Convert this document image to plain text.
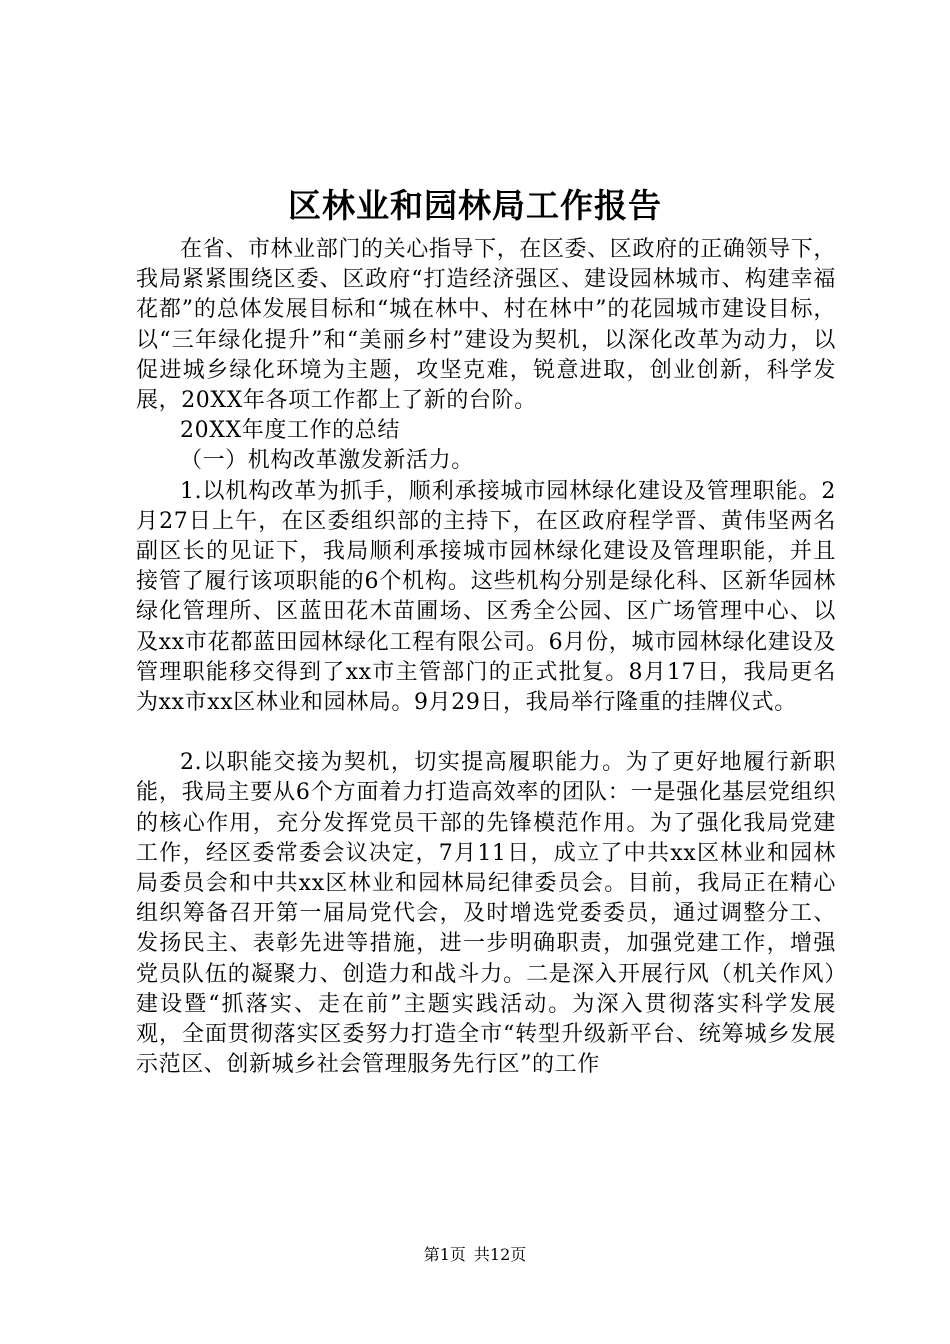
区林业和园林局工作报告

在省、市林业部门的关心指导下，在区委、区政府的正确领导下，我局紧紧围绕区委、区政府“打造经济强区、建设园林城市、构建幸福花都”的总体发展目标和“城在林中、村在林中”的花园城市建设目标，以“三年绿化提升”和“美丽乡村”建设为契机，以深化改革为动力，以促进城乡绿化环境为主题，攻坚克难，锐意进取，创业创新，科学发展，20XX年各项工作都上了新的台阶。

20XX年度工作的总结

（一）机构改革激发新活力。

1.以机构改革为抓手，顺利承接城市园林绿化建设及管理职能。2月27日上午，在区委组织部的主持下，在区政府程学晋、黄伟坚两名副区长的见证下，我局顺利承接城市园林绿化建设及管理职能，并且接管了履行该项职能的6个机构。这些机构分别是绿化科、区新华园林绿化管理所、区蓝田花木苗圃场、区秀全公园、区广场管理中心、以及xx市花都蓝田园林绿化工程有限公司。6月份，城市园林绿化建设及管理职能移交得到了xx市主管部门的正式批复。8月17日，我局更名为xx市xx区林业和园林局。9月29日，我局举行隆重的挂牌仪式。

2.以职能交接为契机，切实提高履职能力。为了更好地履行新职能，我局主要从6个方面着力打造高效率的团队：一是强化基层党组织的核心作用，充分发挥党员干部的先锋模范作用。为了强化我局党建工作，经区委常委会议决定，7月11日，成立了中共xx区林业和园林局委员会和中共xx区林业和园林局纪律委员会。目前，我局正在精心组织筹备召开第一届局党代会，及时增选党委委员，通过调整分工、发扬民主、表彰先进等措施，进一步明确职责，加强党建工作，增强党员队伍的凝聚力、创造力和战斗力。二是深入开展行风（机关作风）建设暨“抓落实、走在前”主题实践活动。为深入贯彻落实科学发展观，全面贯彻落实区委努力打造全市“转型升级新平台、统筹城乡发展示范区、创新城乡社会管理服务先行区”的工作

第1页 共12页
